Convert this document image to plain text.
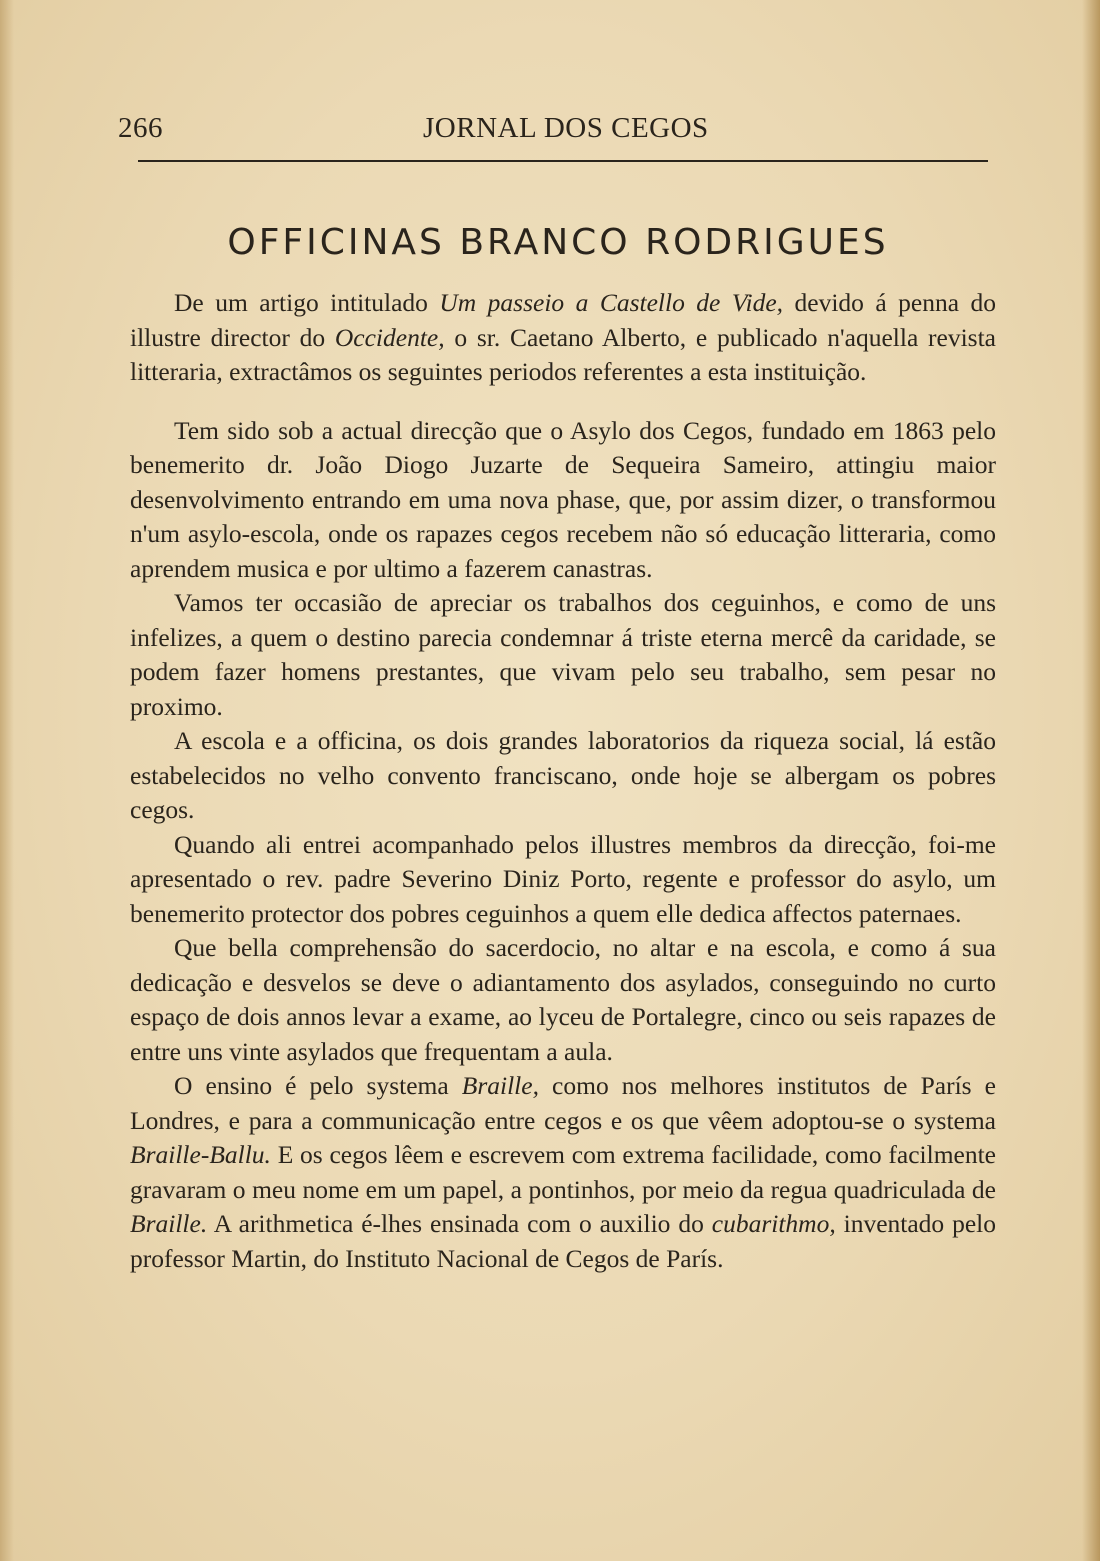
266	JORNAL DOS CEGOS
OFFICINAS BRANCO RODRIGUES

De um artigo intitulado Um passeio a Castello de Vide, devido á penna do illustre director do Occidente, o sr. Caetano Alberto, e publicado n'aquella revista litteraria, extractâmos os seguintes periodos referentes a esta instituição.

Tem sido sob a actual direcção que o Asylo dos Cegos, fundado em 1863 pelo benemerito dr. João Diogo Juzarte de Sequeira Sameiro, attingiu maior desenvolvimento entrando em uma nova phase, que, por assim dizer, o transformou n'um asylo-escola, onde os rapazes cegos recebem não só educação litteraria, como aprendem musica e por ultimo a fazerem canastras.

Vamos ter occasião de apreciar os trabalhos dos ceguinhos, e como de uns infelizes, a quem o destino parecia condemnar á triste eterna mercê da caridade, se podem fazer homens prestantes, que vivam pelo seu trabalho, sem pesar no proximo.

A escola e a officina, os dois grandes laboratorios da riqueza social, lá estão estabelecidos no velho convento franciscano, onde hoje se albergam os pobres cegos.

Quando ali entrei acompanhado pelos illustres membros da direcção, foi-me apresentado o rev. padre Severino Diniz Porto, regente e professor do asylo, um benemerito protector dos pobres ceguinhos a quem elle dedica affectos paternaes.

Que bella comprehensão do sacerdocio, no altar e na escola, e como á sua dedicação e desvelos se deve o adiantamento dos asylados, conseguindo no curto espaço de dois annos levar a exame, ao lyceu de Portalegre, cinco ou seis rapazes de entre uns vinte asylados que frequentam a aula.

O ensino é pelo systema Braille, como nos melhores institutos de París e Londres, e para a communicação entre cegos e os que vêem adoptou-se o systema Braille-Ballu. E os cegos lêem e escrevem com extrema facilidade, como facilmente gravaram o meu nome em um papel, a pontinhos, por meio da regua quadriculada de Braille. A arithmetica é-lhes ensinada com o auxilio do cubarithmo, inventado pelo professor Martin, do Instituto Nacional de Cegos de París.
